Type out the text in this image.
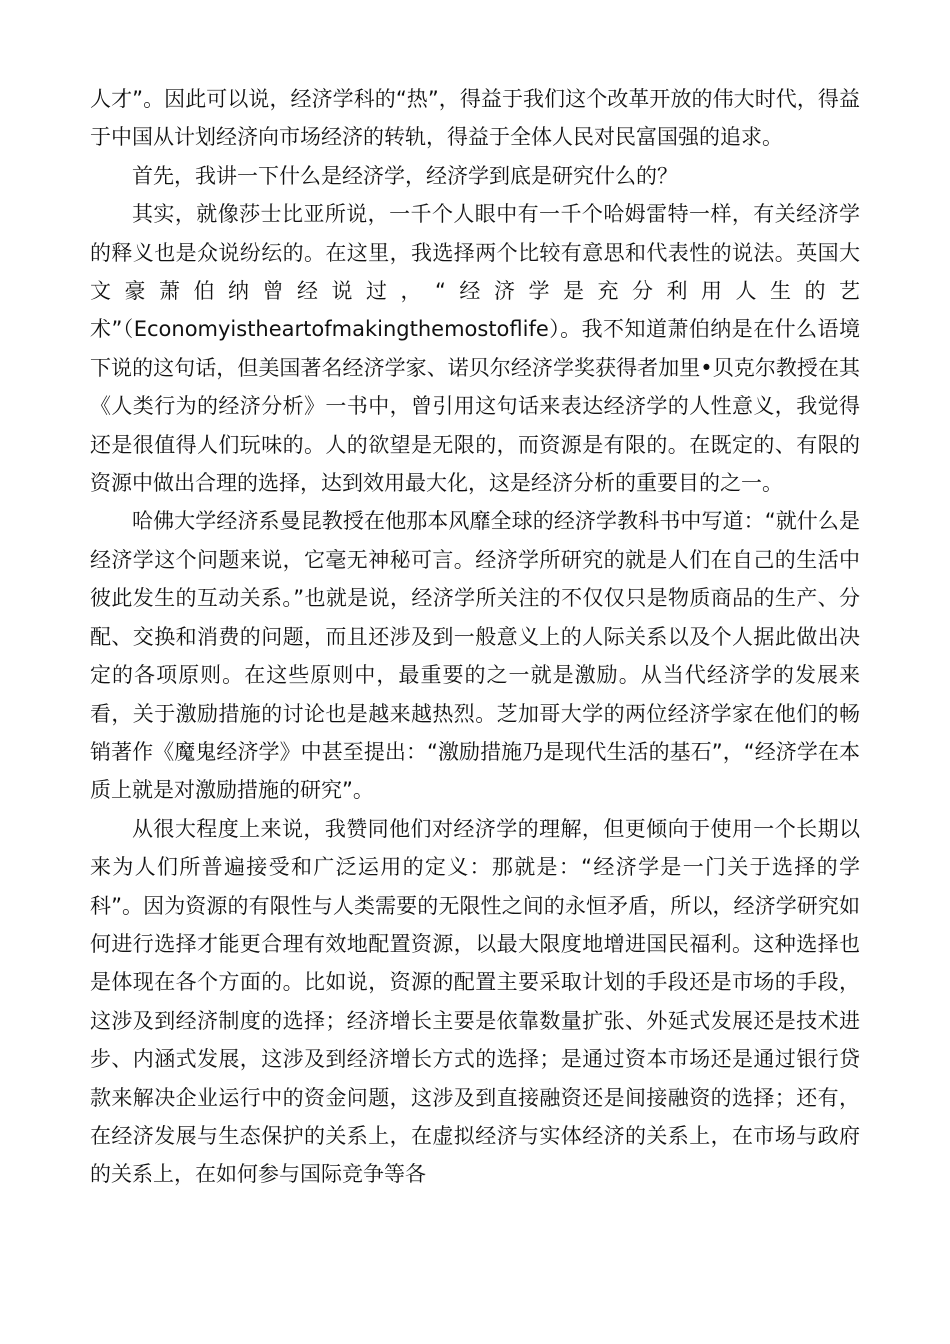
人才”。因此可以说，经济学科的“热”，得益于我们这个改革开放的伟大时代，得益于中国从计划经济向市场经济的转轨，得益于全体人民对民富国强的追求。

首先，我讲一下什么是经济学，经济学到底是研究什么的？

其实，就像莎士比亚所说，一千个人眼中有一千个哈姆雷特一样，有关经济学的释义也是众说纷纭的。在这里，我选择两个比较有意思和代表性的说法。英国大文豪萧伯纳曾经说过，“经济学是充分利用人生的艺术”（Economyistheartofmakingthemostoflife）。我不知道萧伯纳是在什么语境下说的这句话，但美国著名经济学家、诺贝尔经济学奖获得者加里•贝克尔教授在其《人类行为的经济分析》一书中，曾引用这句话来表达经济学的人性意义，我觉得还是很值得人们玩味的。人的欲望是无限的，而资源是有限的。在既定的、有限的资源中做出合理的选择，达到效用最大化，这是经济分析的重要目的之一。

哈佛大学经济系曼昆教授在他那本风靡全球的经济学教科书中写道：“就什么是经济学这个问题来说，它毫无神秘可言。经济学所研究的就是人们在自己的生活中彼此发生的互动关系。”也就是说，经济学所关注的不仅仅只是物质商品的生产、分配、交换和消费的问题，而且还涉及到一般意义上的人际关系以及个人据此做出决定的各项原则。在这些原则中，最重要的之一就是激励。从当代经济学的发展来看，关于激励措施的讨论也是越来越热烈。芝加哥大学的两位经济学家在他们的畅销著作《魔鬼经济学》中甚至提出：“激励措施乃是现代生活的基石”，“经济学在本质上就是对激励措施的研究”。

从很大程度上来说，我赞同他们对经济学的理解，但更倾向于使用一个长期以来为人们所普遍接受和广泛运用的定义：那就是：“经济学是一门关于选择的学科”。因为资源的有限性与人类需要的无限性之间的永恒矛盾，所以，经济学研究如何进行选择才能更合理有效地配置资源，以最大限度地增进国民福利。这种选择也是体现在各个方面的。比如说，资源的配置主要采取计划的手段还是市场的手段，这涉及到经济制度的选择；经济增长主要是依靠数量扩张、外延式发展还是技术进步、内涵式发展，这涉及到经济增长方式的选择；是通过资本市场还是通过银行贷款来解决企业运行中的资金问题，这涉及到直接融资还是间接融资的选择；还有，在经济发展与生态保护的关系上，在虚拟经济与实体经济的关系上，在市场与政府的关系上，在如何参与国际竞争等各
